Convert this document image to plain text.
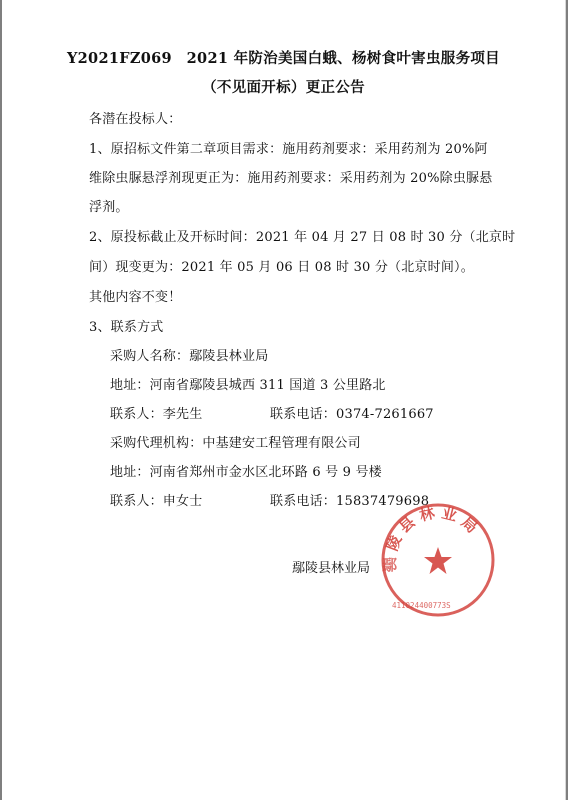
Y2021FZ069　2021 年防治美国白蛾、杨树食叶害虫服务项目
（不见面开标）更正公告
各潜在投标人：
1、原招标文件第二章项目需求：施用药剂要求：采用药剂为 20%阿
维除虫脲悬浮剂现更正为：施用药剂要求：采用药剂为 20%除虫脲悬
浮剂。
2、原投标截止及开标时间：2021 年 04 月 27 日 08 时 30 分（北京时
间）现变更为：2021 年 05 月 06 日 08 时 30 分（北京时间）。
其他内容不变！
3、联系方式
采购人名称：鄢陵县林业局
地址：河南省鄢陵县城西 311 国道 3 公里路北
联系人：李先生	联系电话：0374-7261667
采购代理机构：中基建安工程管理有限公司
地址：河南省郑州市金水区北环路 6 号 9 号楼
联系人：申女士	联系电话：15837479698
鄢陵县林业局
陵 县 林 业 局
鄢
411024400773S
